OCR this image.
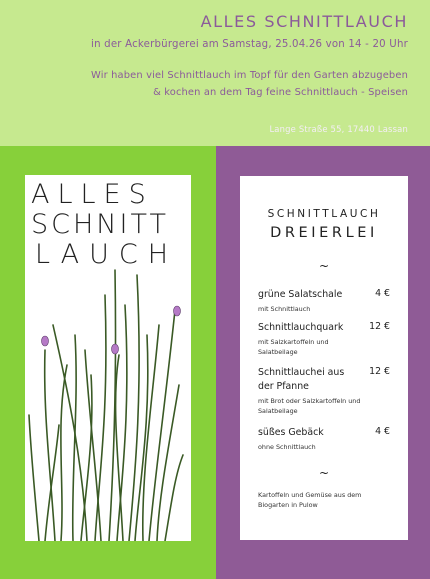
ALLES SCHNITTLAUCH
in der Ackerbürgerei am Samstag, 25.04.26 von 14 - 20 Uhr
Wir haben viel Schnittlauch im Topf für den Garten abzugeben
& kochen an dem Tag feine Schnittlauch - Speisen
Lange Straße 55, 17440 Lassan
ALLES
SCHNITT
LAUCH
SCHNITTLAUCH
DREIERLEI
~
grüne Salatschale	4 €
mit Schnittlauch
Schnittlauchquark	12 €
mit Salzkartoffeln und Salatbeilage
Schnittlauchei aus der Pfanne
12 €
mit Brot oder Salzkartoffeln und Salatbeilage
süßes Gebäck	4 €
ohne Schnittlauch
~
Kartoffeln und Gemüse aus dem Biogarten in Pulow
